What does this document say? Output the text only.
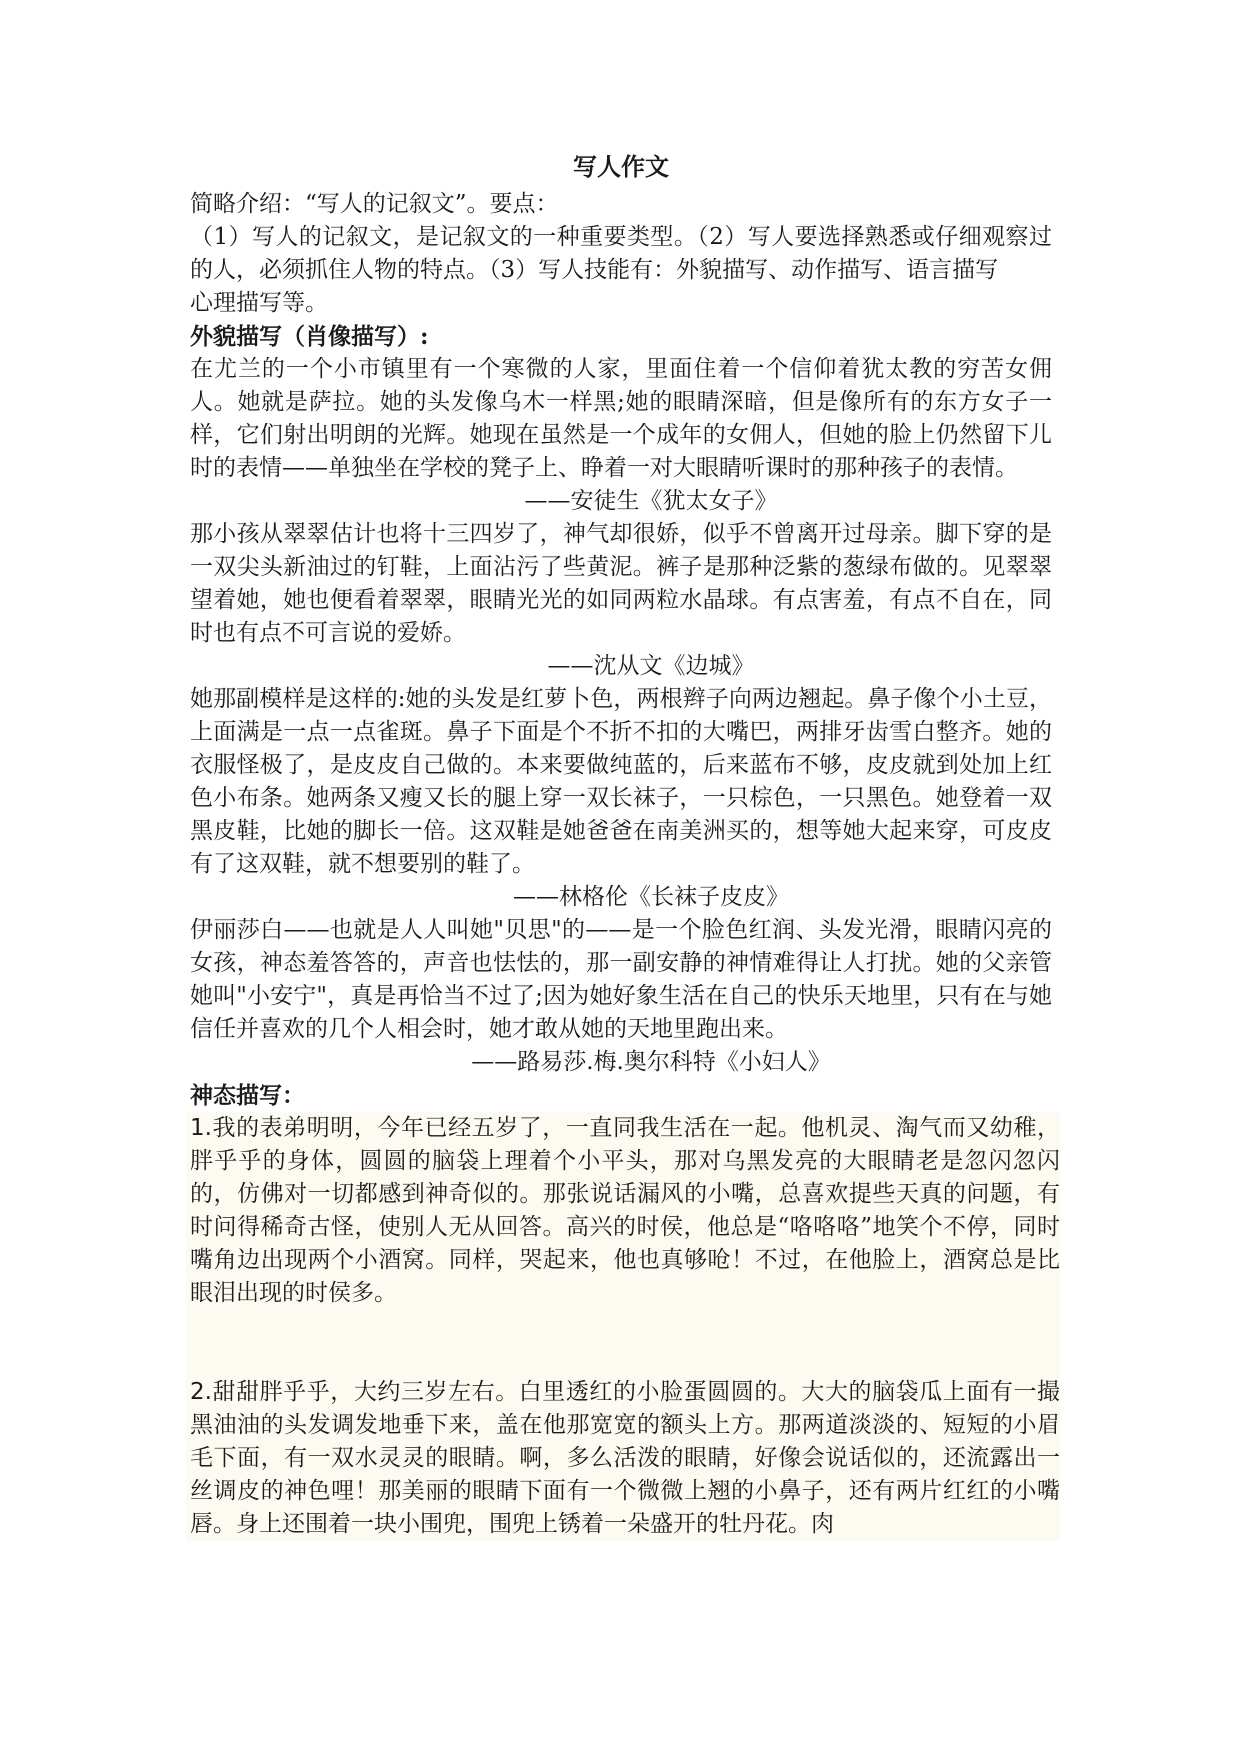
写人作文

简略介绍：“写人的记叙文”。要点：

（1）写人的记叙文，是记叙文的一种重要类型。（2）写人要选择熟悉或仔细观察过的人，必须抓住人物的特点。（3）写人技能有：外貌描写、动作描写、语言描写

心理描写等。

外貌描写（肖像描写）:

在尤兰的一个小市镇里有一个寒微的人家，里面住着一个信仰着犹太教的穷苦女佣人。她就是萨拉。她的头发像乌木一样黑;她的眼睛深暗，但是像所有的东方女子一样，它们射出明朗的光辉。她现在虽然是一个成年的女佣人，但她的脸上仍然留下儿时的表情——单独坐在学校的凳子上、睁着一对大眼睛听课时的那种孩子的表情。

——安徒生《犹太女子》

那小孩从翠翠估计也将十三四岁了，神气却很娇，似乎不曾离开过母亲。脚下穿的是一双尖头新油过的钉鞋，上面沾污了些黄泥。裤子是那种泛紫的葱绿布做的。见翠翠望着她，她也便看着翠翠，眼睛光光的如同两粒水晶球。有点害羞，有点不自在，同时也有点不可言说的爱娇。

——沈从文《边城》

她那副模样是这样的:她的头发是红萝卜色，两根辫子向两边翘起。鼻子像个小土豆，上面满是一点一点雀斑。鼻子下面是个不折不扣的大嘴巴，两排牙齿雪白整齐。她的衣服怪极了，是皮皮自己做的。本来要做纯蓝的，后来蓝布不够，皮皮就到处加上红色小布条。她两条又瘦又长的腿上穿一双长袜子，一只棕色，一只黑色。她登着一双黑皮鞋，比她的脚长一倍。这双鞋是她爸爸在南美洲买的，想等她大起来穿，可皮皮有了这双鞋，就不想要别的鞋了。

——林格伦《长袜子皮皮》

伊丽莎白——也就是人人叫她"贝思"的——是一个脸色红润、头发光滑，眼睛闪亮的女孩，神态羞答答的，声音也怯怯的，那一副安静的神情难得让人打扰。她的父亲管她叫"小安宁"，真是再恰当不过了;因为她好象生活在自己的快乐天地里，只有在与她信任并喜欢的几个人相会时，她才敢从她的天地里跑出来。

——路易莎.梅.奥尔科特《小妇人》

神态描写：

1.我的表弟明明，今年已经五岁了，一直同我生活在一起。他机灵、淘气而又幼稚，胖乎乎的身体，圆圆的脑袋上理着个小平头，那对乌黑发亮的大眼睛老是忽闪忽闪的，仿佛对一切都感到神奇似的。那张说话漏风的小嘴，总喜欢提些天真的问题，有时问得稀奇古怪，使别人无从回答。高兴的时侯，他总是“咯咯咯”地笑个不停，同时嘴角边出现两个小酒窝。同样，哭起来，他也真够呛！不过，在他脸上，酒窝总是比眼泪出现的时侯多。

2.甜甜胖乎乎，大约三岁左右。白里透红的小脸蛋圆圆的。大大的脑袋瓜上面有一撮黑油油的头发调发地垂下来，盖在他那宽宽的额头上方。那两道淡淡的、短短的小眉毛下面，有一双水灵灵的眼睛。啊，多么活泼的眼睛，好像会说话似的，还流露出一丝调皮的神色哩！那美丽的眼睛下面有一个微微上翘的小鼻子，还有两片红红的小嘴唇。身上还围着一块小围兜，围兜上锈着一朵盛开的牡丹花。肉
